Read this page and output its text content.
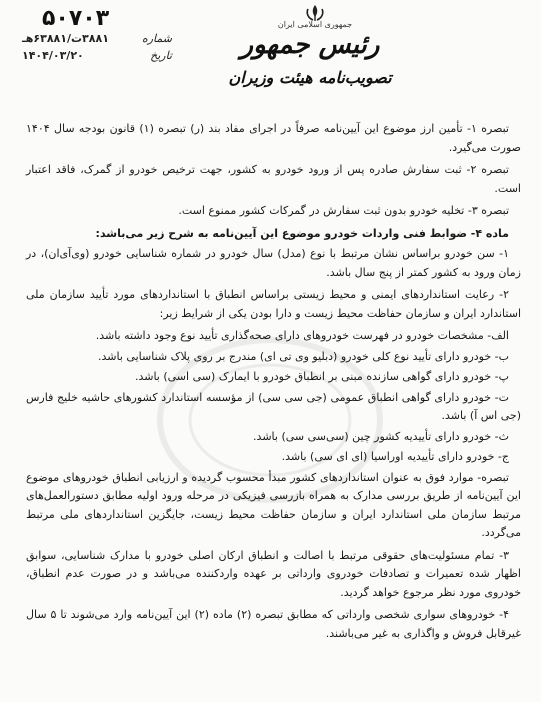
۵۰۷۰۳
شماره
۳۸۸۱ت/۶۳۸۸۱هـ
تاریخ
۱۴۰۴/۰۳/۲۰
جمهوری اسلامی ایران
رئیس جمهور
تصویب‌نامه هیئت وزیران

تبصره ۱- تأمین ارز موضوع این آیین‌نامه صرفاً در اجرای مفاد بند (ر) تبصره (۱) قانون بودجه سال ۱۴۰۴ صورت می‌گیرد.

تبصره ۲- ثبت سفارش صادره پس از ورود خودرو به کشور، جهت ترخیص خودرو از گمرک، فاقد اعتبار است.

تبصره ۳- تخلیه خودرو بدون ثبت سفارش در گمرکات کشور ممنوع است.

ماده ۴- ضوابط فنی واردات خودرو موضوع این آیین‌نامه به شرح زیر می‌باشد:

۱- سن خودرو براساس نشان مرتبط با نوع (مدل) سال خودرو در شماره شناسایی خودرو (وی‌آی‌ان)، در زمان ورود به کشور کمتر از پنج سال باشد.

۲- رعایت استانداردهای ایمنی و محیط زیستی براساس انطباق با استانداردهای مورد تأیید سازمان ملی استاندارد ایران و سازمان حفاظت محیط زیست و دارا بودن یکی از شرایط زیر:

الف- مشخصات خودرو در فهرست خودروهای دارای صحه‌گذاری تأیید نوع وجود داشته باشد.

ب- خودرو دارای تأیید نوع کلی خودرو (دبلیو وی تی ای) مندرج بر روی پلاک شناسایی باشد.

پ- خودرو دارای گواهی سازنده مبنی بر انطباق خودرو با ایمارک (سی اسی) باشد.

ت- خودرو دارای گواهی انطباق عمومی (جی سی سی) از مؤسسه استاندارد کشورهای حاشیه خلیج فارس (جی اس آ) باشد.

ث- خودرو دارای تأییدیه کشور چین (سی‌سی سی) باشد.

ج- خودرو دارای تأییدیه اوراسیا (ای ای سی) باشد.

تبصره- موارد فوق به عنوان استانداردهای کشور مبدأ محسوب گردیده و ارزیابی انطباق خودروهای موضوع این آیین‌نامه از طریق بررسی مدارک به همراه بازرسی فیزیکی در مرحله ورود اولیه مطابق دستورالعمل‌های مرتبط سازمان ملی استاندارد ایران و سازمان حفاظت محیط زیست، جایگزین استانداردهای ملی مرتبط می‌گردد.

۳- تمام مسئولیت‌های حقوقی مرتبط با اصالت و انطباق ارکان اصلی خودرو با مدارک شناسایی، سوابق اظهار شده تعمیرات و تصادفات خودروی وارداتی بر عهده واردکننده می‌باشد و در صورت عدم انطباق، خودروی مورد نظر مرجوع خواهد گردید.

۴- خودروهای سواری شخصی وارداتی که مطابق تبصره (۲) ماده (۲) این آیین‌نامه وارد می‌شوند تا ۵ سال غیرقابل فروش و واگذاری به غیر می‌باشند.
